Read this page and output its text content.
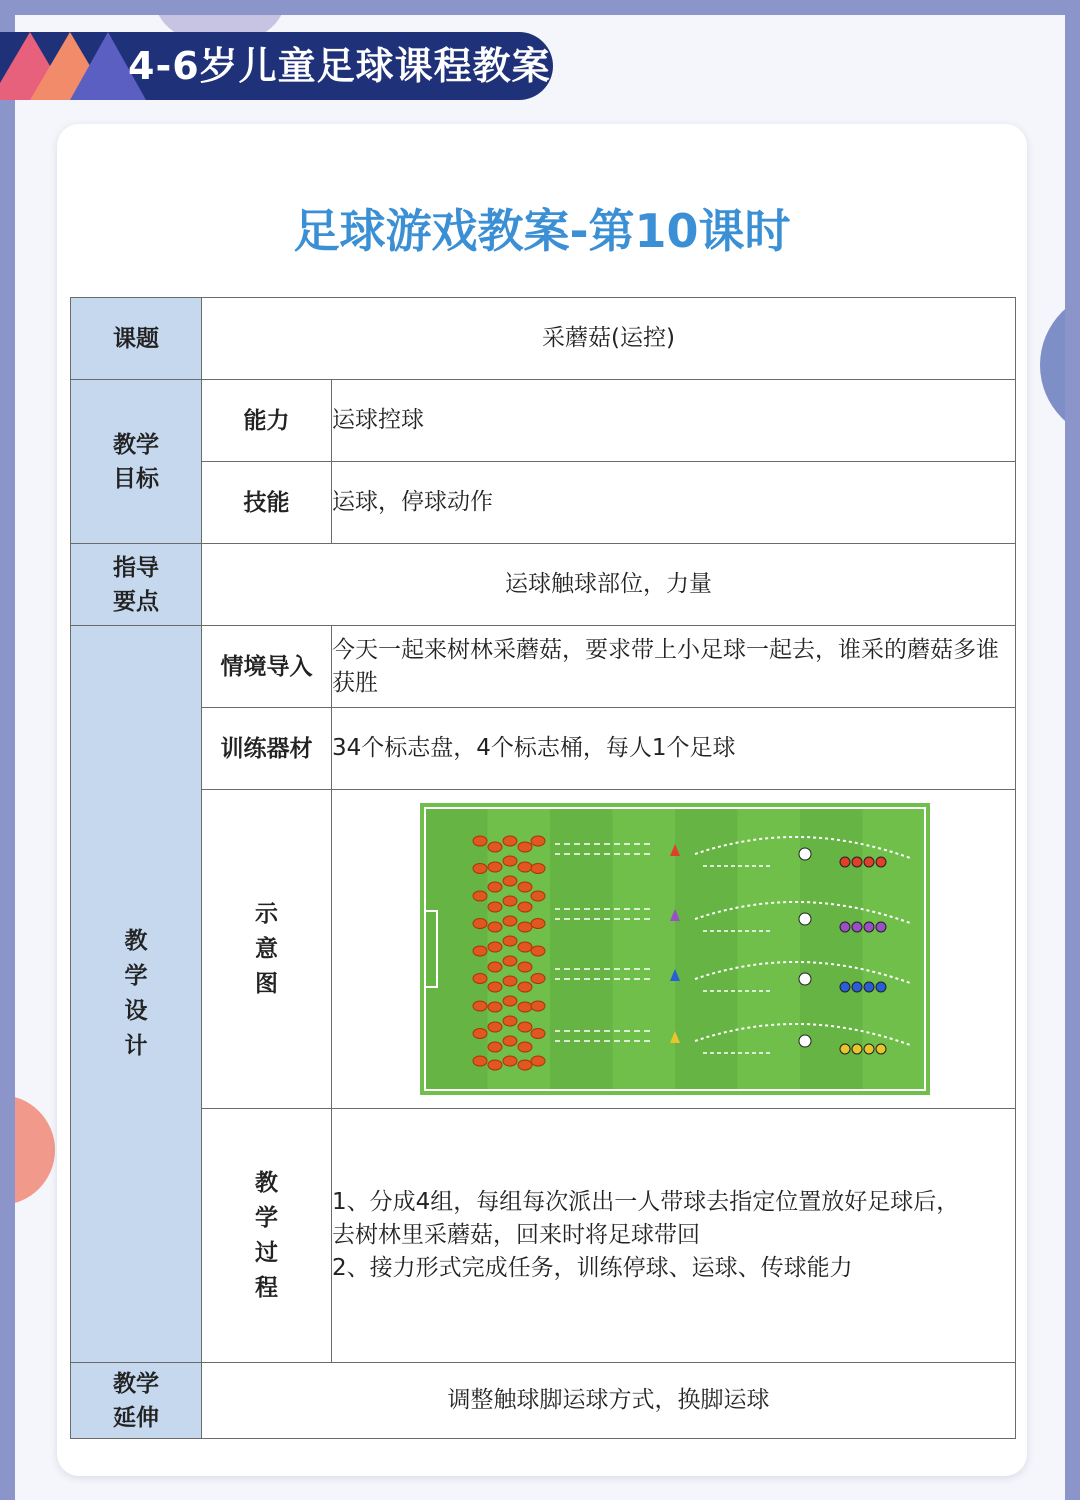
4-6岁儿童足球课程教案
足球游戏教案-第10课时
课题	采蘑菇(运控)	
教学
目标	能力	运球控球
	技能	运球，停球动作
指导
要点	运球触球部位，力量	

教
学
设
计	情境导入	今天一起来树林采蘑菇，要求带上小足球一起去，谁采的蘑菇多谁获胜
	训练器材	34个标志盘，4个标志桶，每人1个足球

	示
意
图

	教
学
过
程	1、分成4组，每组每次派出一人带球去指定位置放好足球后，去树林里采蘑菇，回来时将足球带回
2、接力形式完成任务，训练停球、运球、传球能力

教学
延伸	调整触球脚运球方式，换脚运球	
